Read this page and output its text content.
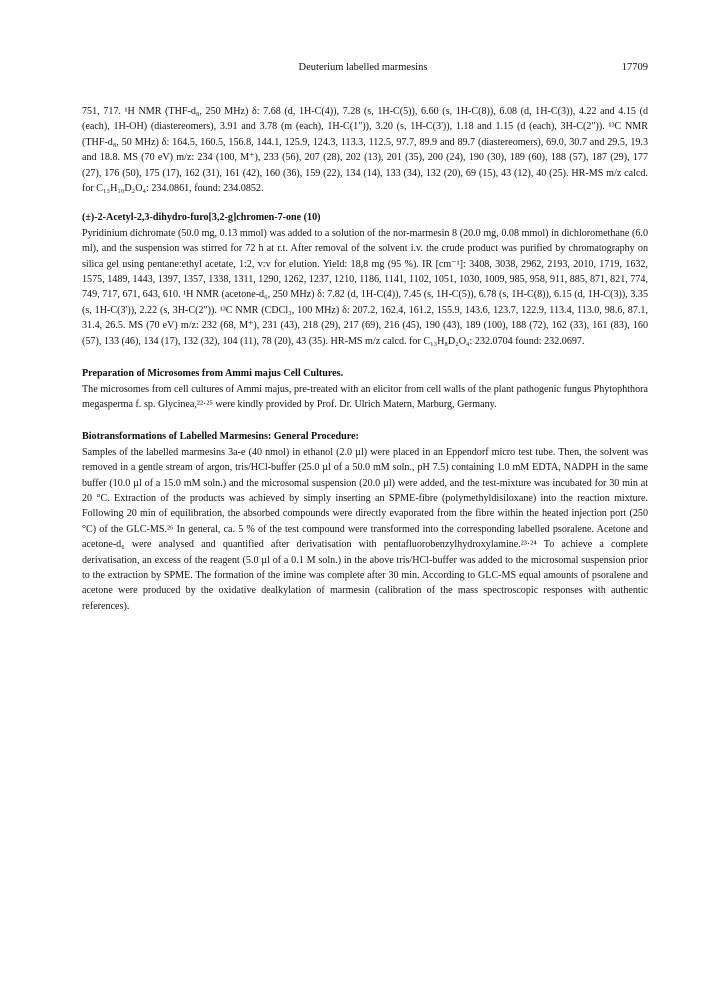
Deuterium labelled marmesins	17709

751, 717. ¹H NMR (THF-d₈, 250 MHz) δ: 7.68 (d, 1H-C(4)), 7.28 (s, 1H-C(5)), 6.60 (s, 1H-C(8)), 6.08 (d, 1H-C(3)), 4.22 and 4.15 (d (each), 1H-OH) (diastereomers), 3.91 and 3.78 (m (each), 1H-C(1")), 3.20 (s, 1H-C(3')), 1.18 and 1.15 (d (each), 3H-C(2")). ¹³C NMR (THF-d₈, 50 MHz) δ: 164.5, 160.5, 156.8, 144.1, 125.9, 124.3, 113.3, 112.5, 97.7, 89.9 and 89.7 (diastereomers), 69.0, 30.7 and 29.5, 19.3 and 18.8. MS (70 eV) m/z: 234 (100, M⁺), 233 (56), 207 (28), 202 (13), 201 (35), 200 (24), 190 (30), 189 (60), 188 (57), 187 (29), 177 (27), 176 (50), 175 (17), 162 (31), 161 (42), 160 (36), 159 (22), 134 (14), 133 (34), 132 (20), 69 (15), 43 (12), 40 (25). HR-MS m/z calcd. for C₁₃H₁₀D₂O₄: 234.0861, found: 234.0852.

(±)-2-Acetyl-2,3-dihydro-furo[3,2-g]chromen-7-one (10)

Pyridinium dichromate (50.0 mg, 0.13 mmol) was added to a solution of the nor-marmesin 8 (20.0 mg, 0.08 mmol) in dichloromethane (6.0 ml), and the suspension was stirred for 72 h at r.t. After removal of the solvent i.v. the crude product was purified by chromatography on silica gel using pentane:ethyl acetate, 1:2, v:v for elution. Yield: 18,8 mg (95 %). IR [cm⁻¹]: 3408, 3038, 2962, 2193, 2010, 1719, 1632, 1575, 1489, 1443, 1397, 1357, 1338, 1311, 1290, 1262, 1237, 1210, 1186, 1141, 1102, 1051, 1030, 1009, 985, 958, 911, 885, 871, 821, 774, 749, 717, 671, 643, 610. ¹H NMR (acetone-d₆, 250 MHz) δ: 7.82 (d, 1H-C(4)), 7.45 (s, 1H-C(5)), 6.78 (s, 1H-C(8)), 6.15 (d, 1H-C(3)), 3.35 (s, 1H-C(3')), 2.22 (s, 3H-C(2")). ¹³C NMR (CDCl₃, 100 MHz) δ: 207.2, 162.4, 161.2, 155.9, 143.6, 123.7, 122.9, 113.4, 113.0, 98.6, 87.1, 31.4, 26.5. MS (70 eV) m/z: 232 (68, M⁺), 231 (43), 218 (29), 217 (69), 216 (45), 190 (43), 189 (100), 188 (72), 162 (33), 161 (83), 160 (57), 133 (46), 134 (17), 132 (32), 104 (11), 78 (20), 43 (35). HR-MS m/z calcd. for C₁₃H₈D₂O₄: 232.0704 found: 232.0697.

Preparation of Microsomes from Ammi majus Cell Cultures.

The microsomes from cell cultures of Ammi majus, pre-treated with an elicitor from cell walls of the plant pathogenic fungus Phytophthora megasperma f. sp. Glycinea,²²·²⁵ were kindly provided by Prof. Dr. Ulrich Matern, Marburg, Germany.

Biotransformations of Labelled Marmesins: General Procedure:

Samples of the labelled marmesins 3a-e (40 nmol) in ethanol (2.0 µl) were placed in an Eppendorf micro test tube. Then, the solvent was removed in a gentle stream of argon, tris/HCl-buffer (25.0 µl of a 50.0 mM soln., pH 7.5) containing 1.0 mM EDTA, NADPH in the same buffer (10.0 µl of a 15.0 mM soln.) and the microsomal suspension (20.0 µl) were added, and the test-mixture was incubated for 30 min at 20 °C. Extraction of the products was achieved by simply inserting an SPME-fibre (polymethyldisiloxane) into the reaction mixture. Following 20 min of equilibration, the absorbed compounds were directly evaporated from the fibre within the heated injection port (250 °C) of the GLC-MS.²⁶ In general, ca. 5 % of the test compound were transformed into the corresponding labelled psoralene. Acetone and acetone-d₆ were analysed and quantified after derivatisation with pentafluorobenzylhydroxylamine.²³·²⁴ To achieve a complete derivatisation, an excess of the reagent (5.0 µl of a 0.1 M soln.) in the above tris/HCl-buffer was added to the microsomal suspension prior to the extraction by SPME. The formation of the imine was complete after 30 min. According to GLC-MS equal amounts of psoralene and acetone were produced by the oxidative dealkylation of marmesin (calibration of the mass spectroscopic responses with authentic references).
